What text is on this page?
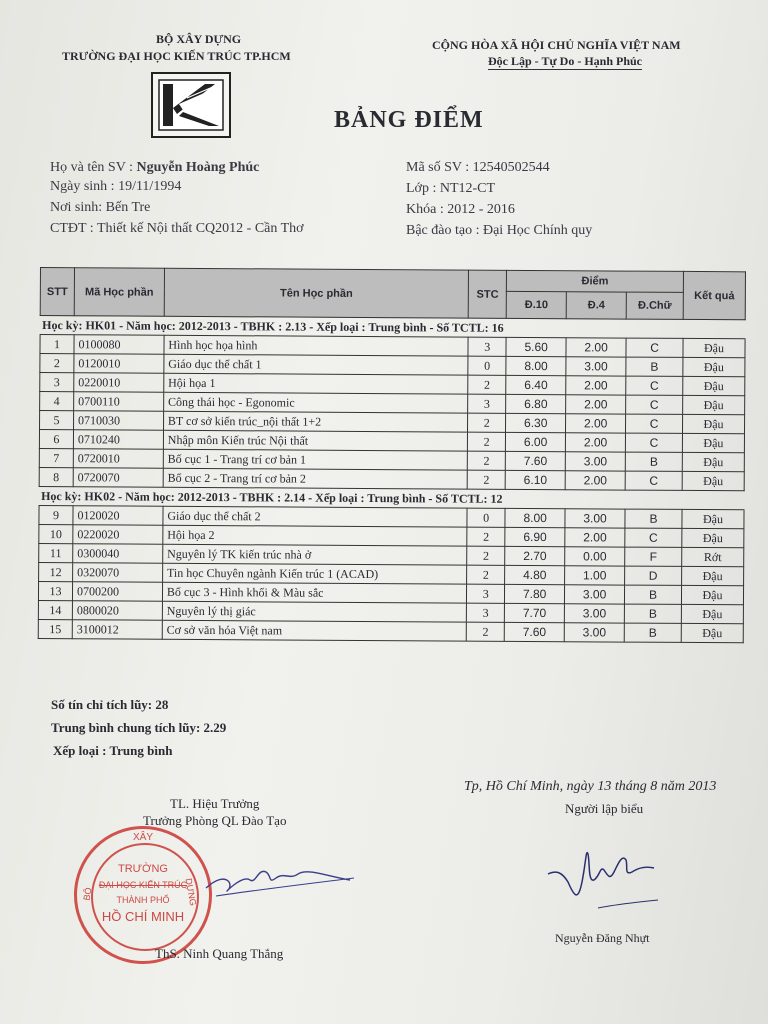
BỘ XÂY DỰNG
TRƯỜNG ĐẠI HỌC KIẾN TRÚC TP.HCM
CỘNG HÒA XÃ HỘI CHỦ NGHĨA VIỆT NAM
Độc Lập - Tự Do - Hạnh Phúc
BẢNG ĐIỂM
Họ và tên SV : Nguyễn Hoàng Phúc
Ngày sinh : 19/11/1994
Nơi sinh: Bến Tre
CTĐT : Thiết kế Nội thất CQ2012 - Cần Thơ
Mã số SV : 12540502544
Lớp : NT12-CT
Khóa : 2012 - 2016
Bậc đào tạo : Đại Học Chính quy
STT	Mã Học phần	Tên Học phần	STC	Điểm			Kết quả
				Đ.10	Đ.4	Đ.Chữ	
Học kỳ: HK01 - Năm học: 2012-2013 - TBHK : 2.13 - Xếp loại : Trung bình - Số TCTL: 16							
1	0100080	Hình học họa hình	3	5.60	2.00	C	Đậu
2	0120010	Giáo dục thể chất 1	0	8.00	3.00	B	Đậu
3	0220010	Hội họa 1	2	6.40	2.00	C	Đậu
4	0700110	Công thái học - Egonomic	3	6.80	2.00	C	Đậu
5	0710030	BT cơ sở kiến trúc_nội thất 1+2	2	6.30	2.00	C	Đậu
6	0710240	Nhập môn Kiến trúc Nội thất	2	6.00	2.00	C	Đậu
7	0720010	Bố cục 1 - Trang trí cơ bản 1	2	7.60	3.00	B	Đậu
8	0720070	Bố cục 2 - Trang trí cơ bản 2	2	6.10	2.00	C	Đậu
Học kỳ: HK02 - Năm học: 2012-2013 - TBHK : 2.14 - Xếp loại : Trung bình - Số TCTL: 12							
9	0120020	Giáo dục thể chất 2	0	8.00	3.00	B	Đậu
10	0220020	Hội họa 2	2	6.90	2.00	C	Đậu
11	0300040	Nguyên lý TK kiến trúc nhà ở	2	2.70	0.00	F	Rớt
12	0320070	Tin học Chuyên ngành Kiến trúc 1 (ACAD)	2	4.80	1.00	D	Đậu
13	0700200	Bố cục 3 - Hình khối & Màu sắc	3	7.80	3.00	B	Đậu
14	0800020	Nguyên lý thị giác	3	7.70	3.00	B	Đậu
15	3100012	Cơ sở văn hóa Việt nam	2	7.60	3.00	B	Đậu
Số tín chỉ tích lũy: 28
Trung bình chung tích lũy: 2.29
Xếp loại : Trung bình
TL. Hiệu Trưởng
Trưởng Phòng QL Đào Tạo
XÂY
BỘ	DỰNG
TRƯỜNG
ĐẠI HỌC KIẾN TRÚC
THÀNH PHỐ
HỒ CHÍ MINH
ThS. Ninh Quang Thắng
Tp, Hồ Chí Minh, ngày 13 tháng 8 năm 2013
Người lập biểu
Nguyễn Đăng Nhựt
